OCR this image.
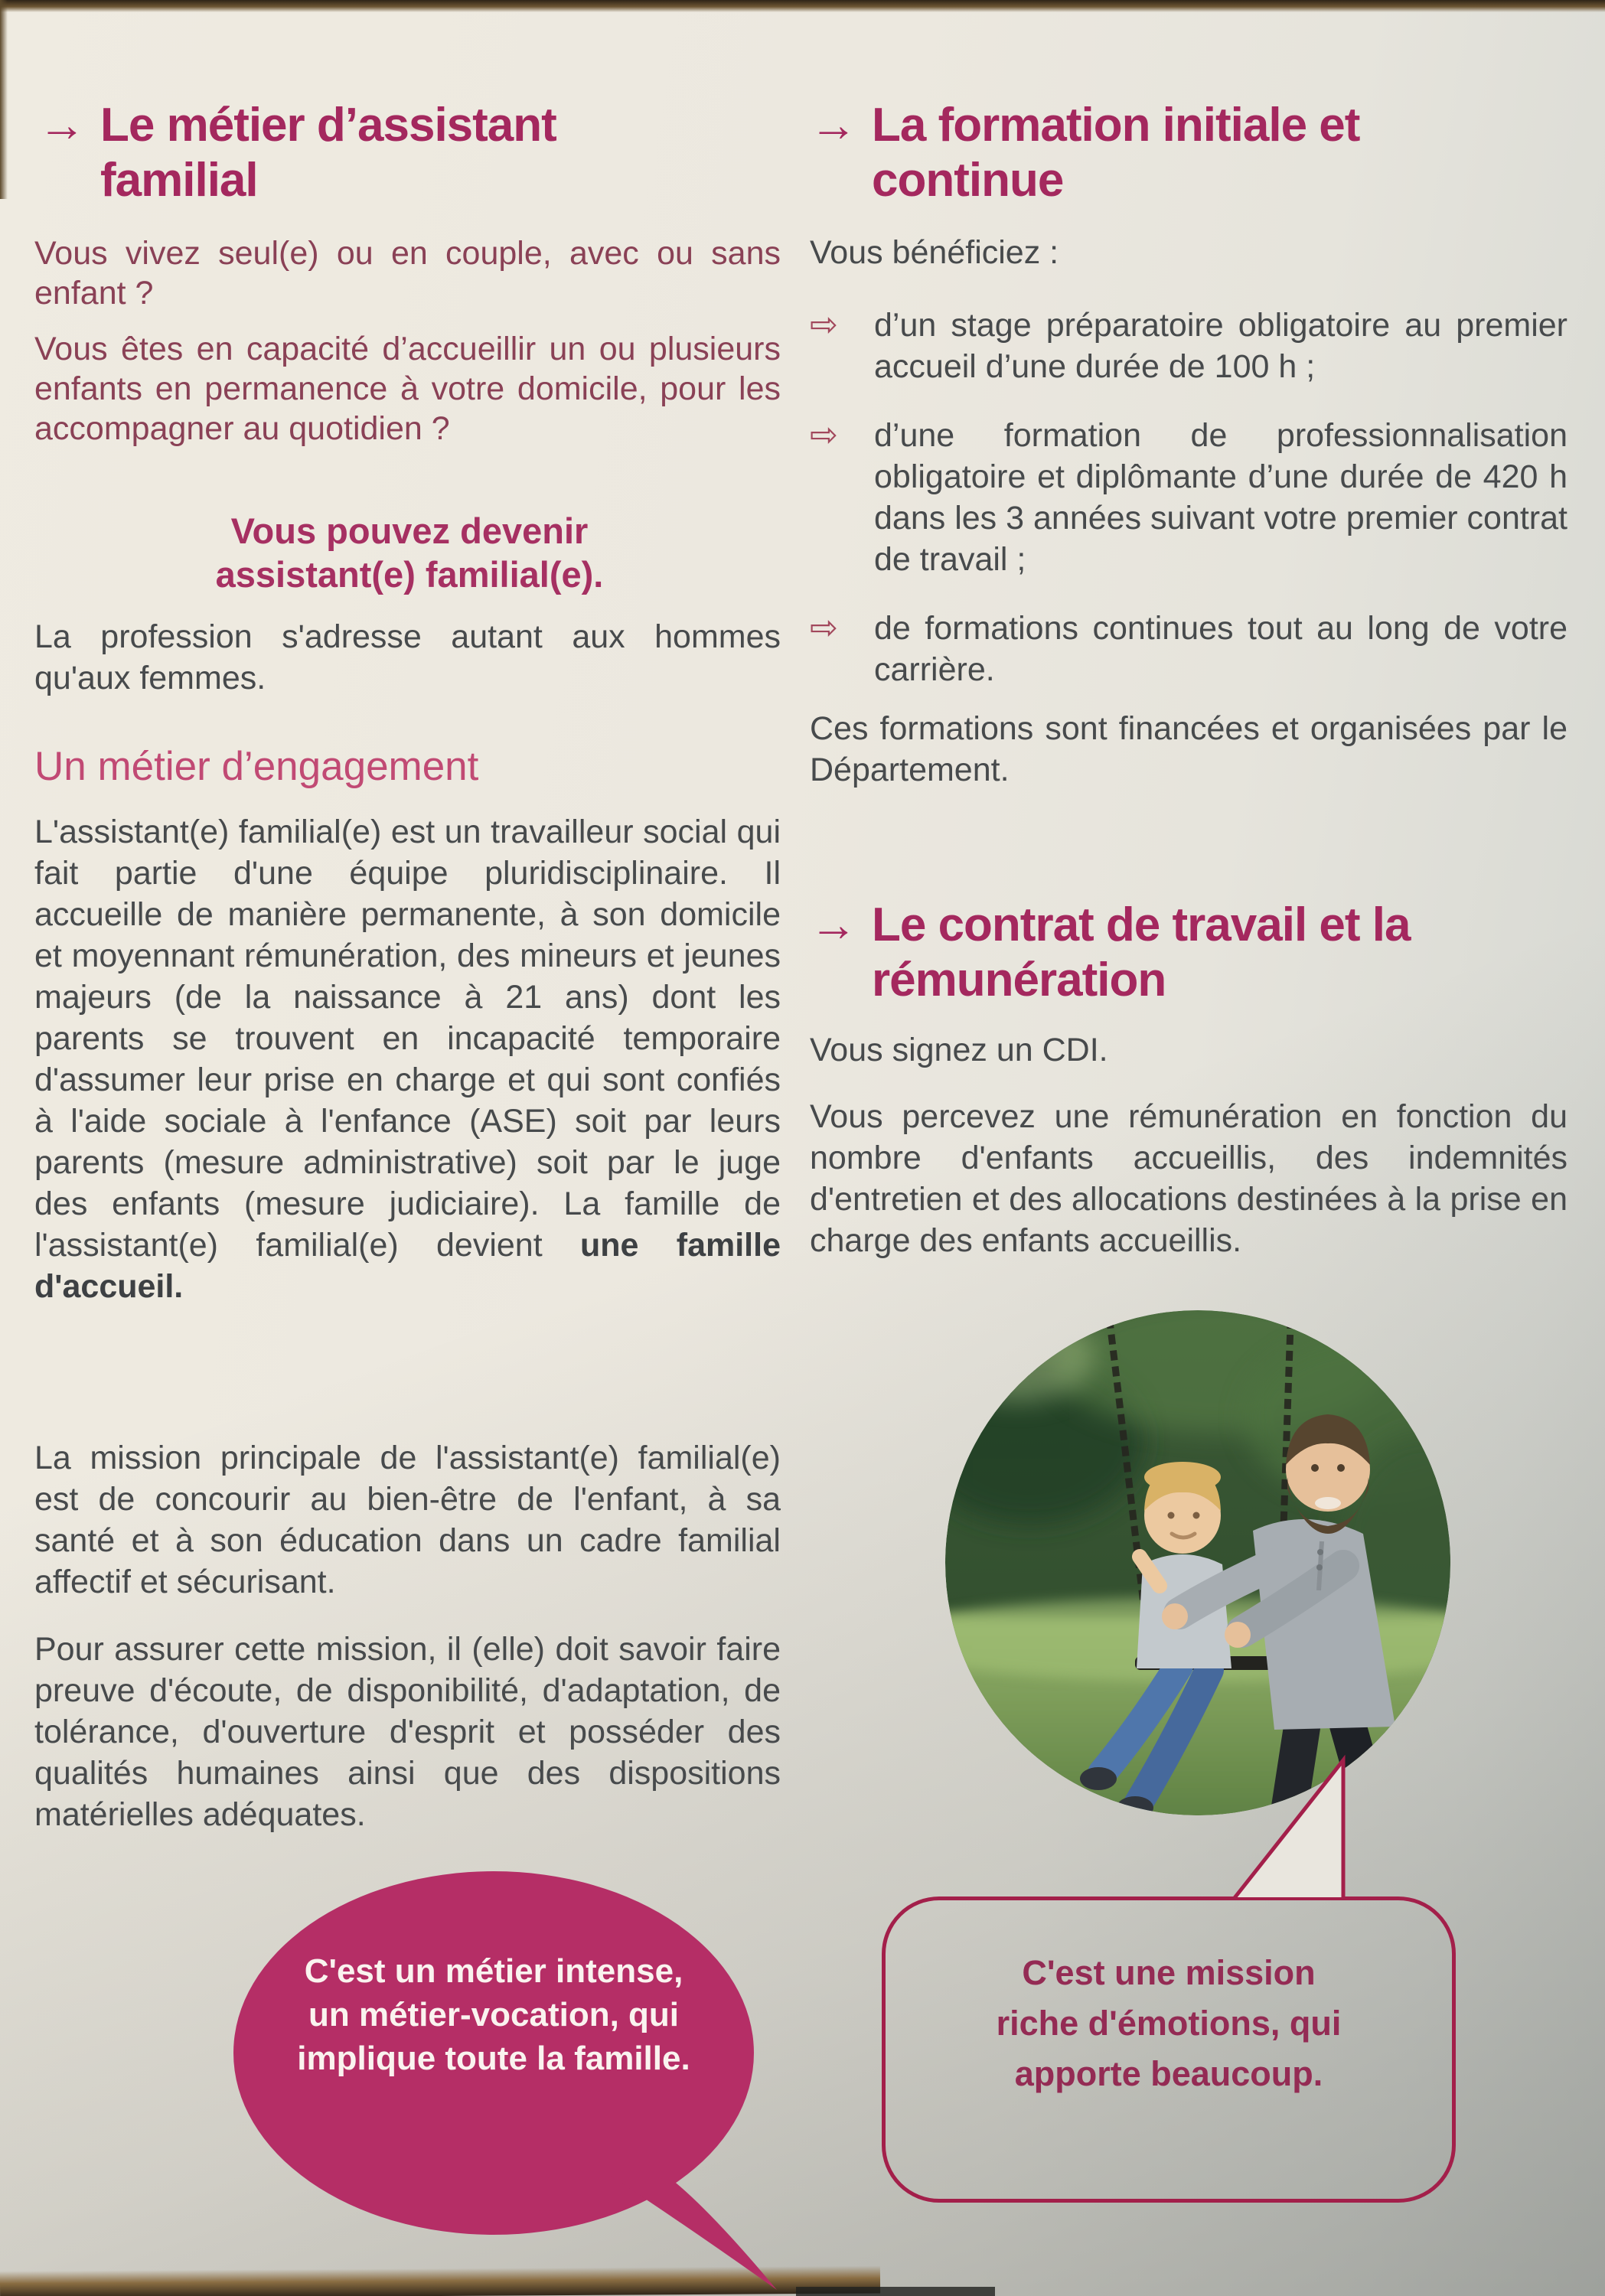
→ Le métier d’assistant familial
Vous vivez seul(e) ou en couple, avec ou sans enfant ?
Vous êtes en capacité d’accueillir un ou plusieurs enfants en permanence à votre domicile, pour les accompagner au quotidien ?
Vous pouvez devenir assistant(e) familial(e).
La profession s'adresse autant aux hommes qu'aux femmes.
Un métier d’engagement
L'assistant(e) familial(e) est un travailleur social qui fait partie d'une équipe pluridisciplinaire. Il accueille de manière permanente, à son domicile et moyennant rémunération, des mineurs et jeunes majeurs (de la naissance à 21 ans) dont les parents se trouvent en incapacité temporaire d'assumer leur prise en charge et qui sont confiés à l'aide sociale à l'enfance (ASE) soit par leurs parents (mesure administrative) soit par le juge des enfants (mesure judiciaire). La famille de l'assistant(e) familial(e) devient une famille d'accueil.
La mission principale de l'assistant(e) familial(e) est de concourir au bien-être de l'enfant, à sa santé et à son éducation dans un cadre familial affectif et sécurisant.
Pour assurer cette mission, il (elle) doit savoir faire preuve d'écoute, de disponibilité, d'adaptation, de tolérance, d'ouverture d'esprit et posséder des qualités humaines ainsi que des dispositions matérielles adéquates.
→ La formation initiale et continue
Vous bénéficiez :
⇨	d’un stage préparatoire obligatoire au premier accueil d’une durée de 100 h ;
⇨	d’une formation de professionnalisation obligatoire et diplômante d’une durée de 420 h dans les 3 années suivant votre premier contrat de travail ;
⇨	de formations continues tout au long de votre carrière.
Ces formations sont financées et organisées par le Département.
→ Le contrat de travail et la rémunération
Vous signez un CDI.
Vous percevez une rémunération en fonction du nombre d'enfants accueillis, des indemnités d'entretien et des allocations destinées à la prise en charge des enfants accueillis.
C'est un métier intense, un métier-vocation, qui implique toute la famille.
C'est une mission riche d'émotions, qui apporte beaucoup.
